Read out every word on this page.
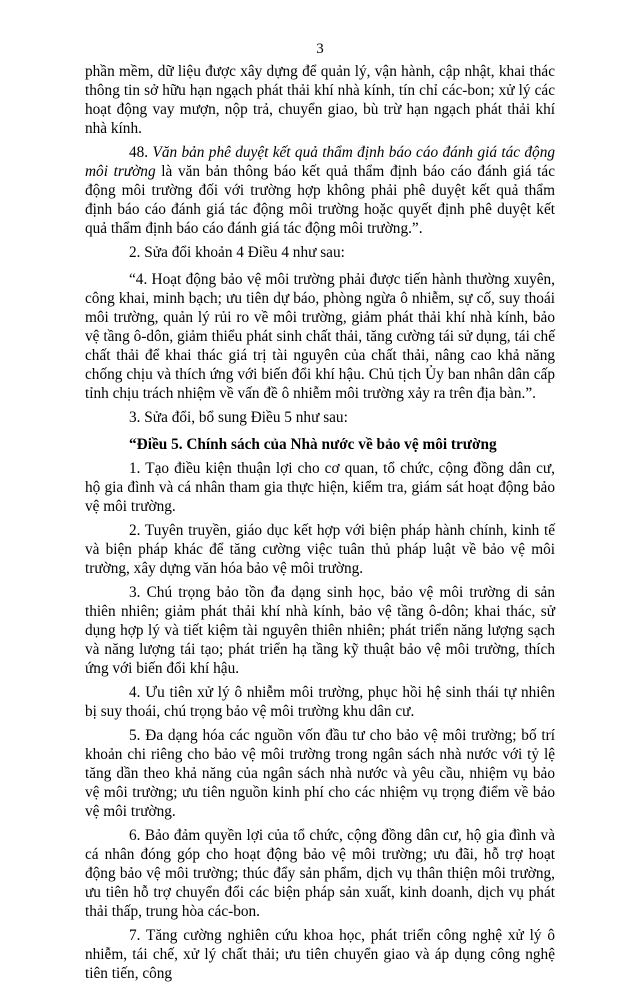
3

phần mềm, dữ liệu được xây dựng để quản lý, vận hành, cập nhật, khai thác thông tin sở hữu hạn ngạch phát thải khí nhà kính, tín chỉ các-bon; xử lý các hoạt động vay mượn, nộp trả, chuyển giao, bù trừ hạn ngạch phát thải khí nhà kính.

48. Văn bản phê duyệt kết quả thẩm định báo cáo đánh giá tác động môi trường là văn bản thông báo kết quả thẩm định báo cáo đánh giá tác động môi trường đối với trường hợp không phải phê duyệt kết quả thẩm định báo cáo đánh giá tác động môi trường hoặc quyết định phê duyệt kết quả thẩm định báo cáo đánh giá tác động môi trường.”.

2. Sửa đổi khoản 4 Điều 4 như sau:

“4. Hoạt động bảo vệ môi trường phải được tiến hành thường xuyên, công khai, minh bạch; ưu tiên dự báo, phòng ngừa ô nhiễm, sự cố, suy thoái môi trường, quản lý rủi ro về môi trường, giảm phát thải khí nhà kính, bảo vệ tầng ô-dôn, giảm thiểu phát sinh chất thải, tăng cường tái sử dụng, tái chế chất thải để khai thác giá trị tài nguyên của chất thải, nâng cao khả năng chống chịu và thích ứng với biến đổi khí hậu. Chủ tịch Ủy ban nhân dân cấp tỉnh chịu trách nhiệm về vấn đề ô nhiễm môi trường xảy ra trên địa bàn.”.

3. Sửa đổi, bổ sung Điều 5 như sau:

“Điều 5. Chính sách của Nhà nước về bảo vệ môi trường

1. Tạo điều kiện thuận lợi cho cơ quan, tổ chức, cộng đồng dân cư, hộ gia đình và cá nhân tham gia thực hiện, kiểm tra, giám sát hoạt động bảo vệ môi trường.

2. Tuyên truyền, giáo dục kết hợp với biện pháp hành chính, kinh tế và biện pháp khác để tăng cường việc tuân thủ pháp luật về bảo vệ môi trường, xây dựng văn hóa bảo vệ môi trường.

3. Chú trọng bảo tồn đa dạng sinh học, bảo vệ môi trường di sản thiên nhiên; giảm phát thải khí nhà kính, bảo vệ tầng ô-dôn; khai thác, sử dụng hợp lý và tiết kiệm tài nguyên thiên nhiên; phát triển năng lượng sạch và năng lượng tái tạo; phát triển hạ tầng kỹ thuật bảo vệ môi trường, thích ứng với biến đổi khí hậu.

4. Ưu tiên xử lý ô nhiễm môi trường, phục hồi hệ sinh thái tự nhiên bị suy thoái, chú trọng bảo vệ môi trường khu dân cư.

5. Đa dạng hóa các nguồn vốn đầu tư cho bảo vệ môi trường; bố trí khoản chi riêng cho bảo vệ môi trường trong ngân sách nhà nước với tỷ lệ tăng dần theo khả năng của ngân sách nhà nước và yêu cầu, nhiệm vụ bảo vệ môi trường; ưu tiên nguồn kinh phí cho các nhiệm vụ trọng điểm về bảo vệ môi trường.

6. Bảo đảm quyền lợi của tổ chức, cộng đồng dân cư, hộ gia đình và cá nhân đóng góp cho hoạt động bảo vệ môi trường; ưu đãi, hỗ trợ hoạt động bảo vệ môi trường; thúc đẩy sản phẩm, dịch vụ thân thiện môi trường, ưu tiên hỗ trợ chuyển đổi các biện pháp sản xuất, kinh doanh, dịch vụ phát thải thấp, trung hòa các-bon.

7. Tăng cường nghiên cứu khoa học, phát triển công nghệ xử lý ô nhiễm, tái chế, xử lý chất thải; ưu tiên chuyển giao và áp dụng công nghệ tiên tiến, công
